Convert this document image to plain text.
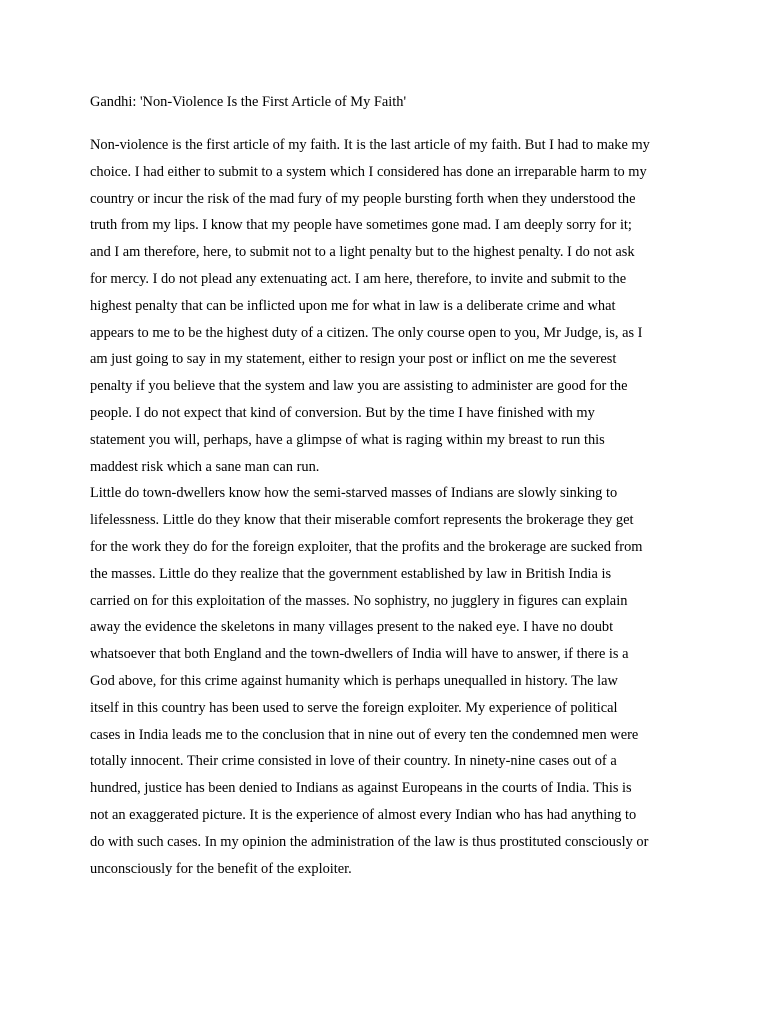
Gandhi: 'Non-Violence Is the First Article of My Faith'
Non-violence is the first article of my faith. It is the last article of my faith. But I had to make my
choice. I had either to submit to a system which I considered has done an irreparable harm to my
country or incur the risk of the mad fury of my people bursting forth when they understood the
truth from my lips. I know that my people have sometimes gone mad. I am deeply sorry for it;
and I am therefore, here, to submit not to a light penalty but to the highest penalty. I do not ask
for mercy. I do not plead any extenuating act. I am here, therefore, to invite and submit to the
highest penalty that can be inflicted upon me for what in law is a deliberate crime and what
appears to me to be the highest duty of a citizen. The only course open to you, Mr Judge, is, as I
am just going to say in my statement, either to resign your post or inflict on me the severest
penalty if you believe that the system and law you are assisting to administer are good for the
people. I do not expect that kind of conversion. But by the time I have finished with my
statement you will, perhaps, have a glimpse of what is raging within my breast to run this
maddest risk which a sane man can run.
Little do town-dwellers know how the semi-starved masses of Indians are slowly sinking to
lifelessness. Little do they know that their miserable comfort represents the brokerage they get
for the work they do for the foreign exploiter, that the profits and the brokerage are sucked from
the masses. Little do they realize that the government established by law in British India is
carried on for this exploitation of the masses. No sophistry, no jugglery in figures can explain
away the evidence the skeletons in many villages present to the naked eye. I have no doubt
whatsoever that both England and the town-dwellers of India will have to answer, if there is a
God above, for this crime against humanity which is perhaps unequalled in history. The law
itself in this country has been used to serve the foreign exploiter. My experience of political
cases in India leads me to the conclusion that in nine out of every ten the condemned men were
totally innocent. Their crime consisted in love of their country. In ninety-nine cases out of a
hundred, justice has been denied to Indians as against Europeans in the courts of India. This is
not an exaggerated picture. It is the experience of almost every Indian who has had anything to
do with such cases. In my opinion the administration of the law is thus prostituted consciously or
unconsciously for the benefit of the exploiter.
